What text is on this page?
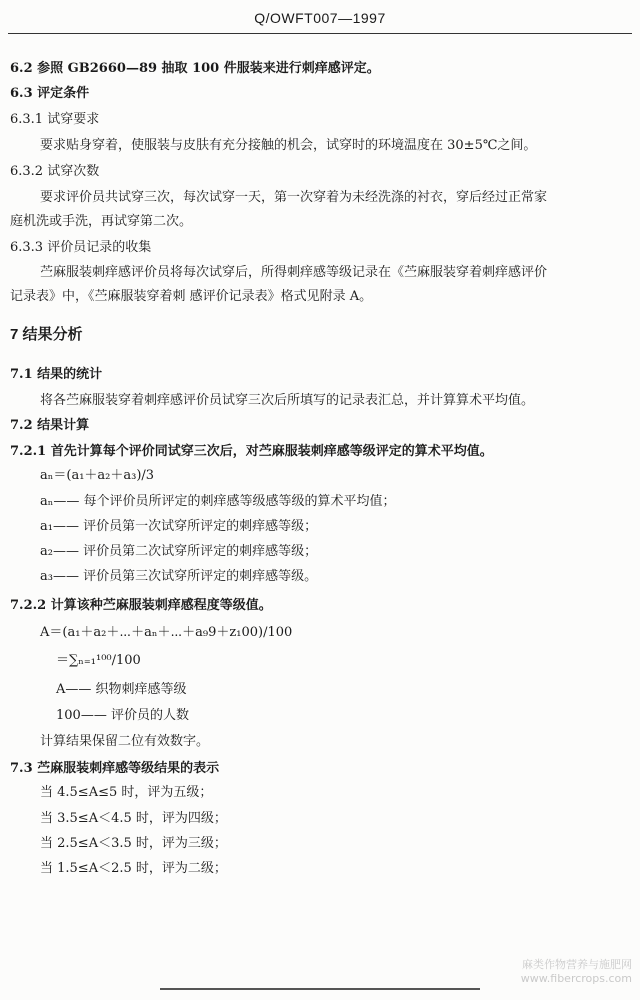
Q/OWFT007—1997
6.2 参照 GB2660—89 抽取 100 件服装来进行刺痒感评定。
6.3 评定条件
6.3.1 试穿要求
要求贴身穿着，使服装与皮肤有充分接触的机会，试穿时的环境温度在 30±5℃之间。
6.3.2 试穿次数
要求评价员共试穿三次，每次试穿一天，第一次穿着为未经洗涤的衬衣，穿后经过正常家
庭机洗或手洗，再试穿第二次。
6.3.3 评价员记录的收集
苎麻服装刺痒感评价员将每次试穿后，所得刺痒感等级记录在《苎麻服装穿着刺痒感评价
记录表》中，《苎麻服装穿着刺 感评价记录表》格式见附录 A。
7 结果分析
7.1 结果的统计
将各苎麻服装穿着刺痒感评价员试穿三次后所填写的记录表汇总，并计算算术平均值。
7.2 结果计算
7.2.1 首先计算每个评价同试穿三次后，对苎麻服装刺痒感等级评定的算术平均值。
aₙ＝(a₁＋a₂＋a₃)/3
aₙ—— 每个评价员所评定的刺痒感等级感等级的算术平均值；
a₁—— 评价员第一次试穿所评定的刺痒感等级；
a₂—— 评价员第二次试穿所评定的刺痒感等级；
a₃—— 评价员第三次试穿所评定的刺痒感等级。
7.2.2 计算该种苎麻服装刺痒感程度等级值。
A＝(a₁＋a₂＋⋯＋aₙ＋⋯＋a₉9＋z₁00)/100
＝∑ₙ₌₁¹⁰⁰/100
A—— 织物刺痒感等级
100—— 评价员的人数
计算结果保留二位有效数字。
7.3 苎麻服装刺痒感等级结果的表示
当 4.5≤A≤5 时，评为五级；
当 3.5≤A＜4.5 时，评为四级；
当 2.5≤A＜3.5 时，评为三级；
当 1.5≤A＜2.5 时，评为二级；
麻类作物营养与施肥网
www.fibercrops.com
